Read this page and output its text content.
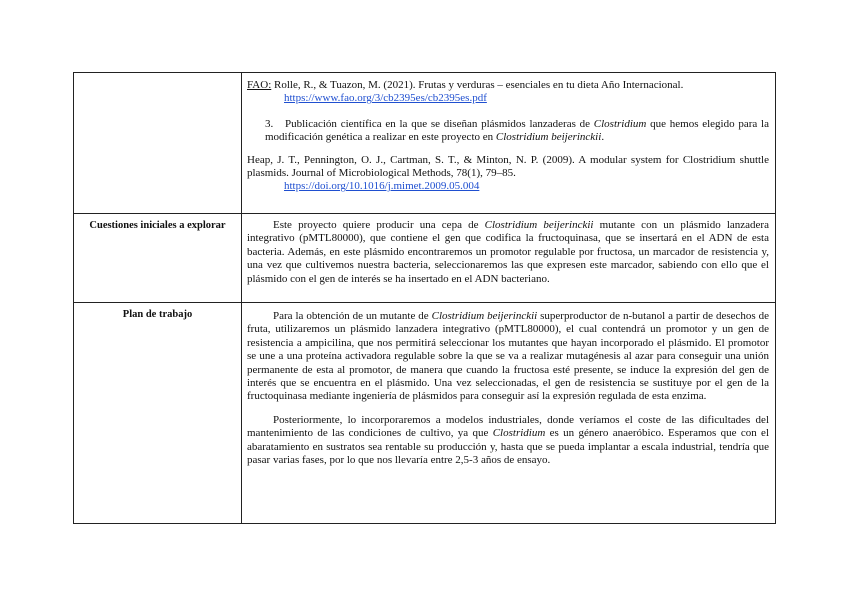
	FAO: Rolle, R., & Tuazon, M. (2021). Frutas y verduras – esenciales en tu dieta Año Internacional.
https://www.fao.org/3/cb2395es/cb2395es.pdf
3. Publicación científica en la que se diseñan plásmidos lanzaderas de Clostridium que hemos elegido para la modificación genética a realizar en este proyecto en Clostridium beijerinckii.
Heap, J. T., Pennington, O. J., Cartman, S. T., & Minton, N. P. (2009). A modular system for Clostridium shuttle plasmids. Journal of Microbiological Methods, 78(1), 79–85.
https://doi.org/10.1016/j.mimet.2009.05.004

Cuestiones iniciales a explorar	Este proyecto quiere producir una cepa de Clostridium beijerinckii mutante con un plásmido lanzadera integrativo (pMTL80000), que contiene el gen que codifica la fructoquinasa, que se insertará en el ADN de esta bacteria. Además, en este plásmido encontraremos un promotor regulable por fructosa, un marcador de resistencia y, una vez que cultivemos nuestra bacteria, seleccionaremos las que expresen este marcador, sabiendo con ello que el plásmido con el gen de interés se ha insertado en el ADN bacteriano.

Plan de trabajo	Para la obtención de un mutante de Clostridium beijerinckii superproductor de n-butanol a partir de desechos de fruta, utilizaremos un plásmido lanzadera integrativo (pMTL80000), el cual contendrá un promotor y un gen de resistencia a ampicilina, que nos permitirá seleccionar los mutantes que hayan incorporado el plásmido. El promotor se une a una proteína activadora regulable sobre la que se va a realizar mutagénesis al azar para conseguir una unión permanente de esta al promotor, de manera que cuando la fructosa esté presente, se induce la expresión del gen de interés que se encuentra en el plásmido. Una vez seleccionadas, el gen de resistencia se sustituye por el gen de la fructoquinasa mediante ingeniería de plásmidos para conseguir así la expresión regulada de esta enzima.

Posteriormente, lo incorporaremos a modelos industriales, donde veríamos el coste de las dificultades del mantenimiento de las condiciones de cultivo, ya que Clostridium es un género anaeróbico. Esperamos que con el abaratamiento en sustratos sea rentable su producción y, hasta que se pueda implantar a escala industrial, tendría que pasar varias fases, por lo que nos llevaría entre 2,5-3 años de ensayo.
